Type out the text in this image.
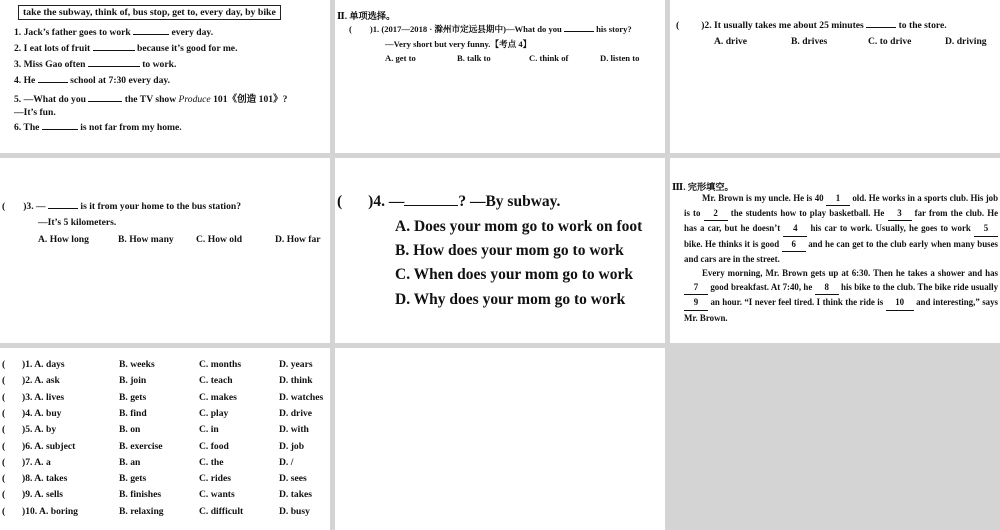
take the subway, think of, bus stop, get to, every day, by bike
1. Jack’s father goes to work	every day.
2. I eat lots of fruit	because it’s good for me.
3. Miss Gao often	to work.
4. He	school at 7:30 every day.
5. —What do you	the TV show Produce 101《创造 101》?
—It’s fun.
6. The	is not far from my home.
Ⅱ. 单项选择。
( )1. (2017—2018 · 滁州市定远县期中)—What do you	his story?
—Very short but very funny.【考点 4】
A. get to	B. talk to	C. think of	D. listen to
( )2. It usually takes me about 25 minutes	to the store.
A. drive	B. drives	C. to drive	D. driving
( )3. —	is it from your home to the bus station?
—It’s 5 kilometers.
A. How long	B. How many C. How old	D. How far
( )4. —	? —By subway.
A. Does your mom go to work on foot
B. How does your mom go to work
C. When does your mom go to work
D. Why does your mom go to work
Ⅲ. 完形填空。
Mr. Brown is my uncle. He is 40 1 old. He works in a sports club. His job is to 2 the students how to play basketball. He 3 far from the club. He has a car, but he doesn’t 4 his car to work. Usually, he goes to work 5 bike. He thinks it is good 6 and he can get to the club early when many buses and cars are in the street.
Every morning, Mr. Brown gets up at 6:30. Then he takes a shower and has 7 good breakfast. At 7:40, he 8 his bike to the club. The bike ride usually 9 an hour. “I never feel tired. I think the ride is 10 and interesting,” says Mr. Brown.
( )1. A. days	B. weeks	C. months	D. years
( )2. A. ask	B. join	C. teach	D. think
( )3. A. lives	B. gets	C. makes	D. watches
( )4. A. buy	B. find	C. play	D. drive
( )5. A. by	B. on	C. in	D. with
( )6. A. subject	B. exercise	C. food	D. job
( )7. A. a	B. an	C. the	D. /
( )8. A. takes	B. gets	C. rides	D. sees
( )9. A. sells	B. finishes	C. wants	D. takes
( )10. A. boring	B. relaxing	C. difficult	D. busy
